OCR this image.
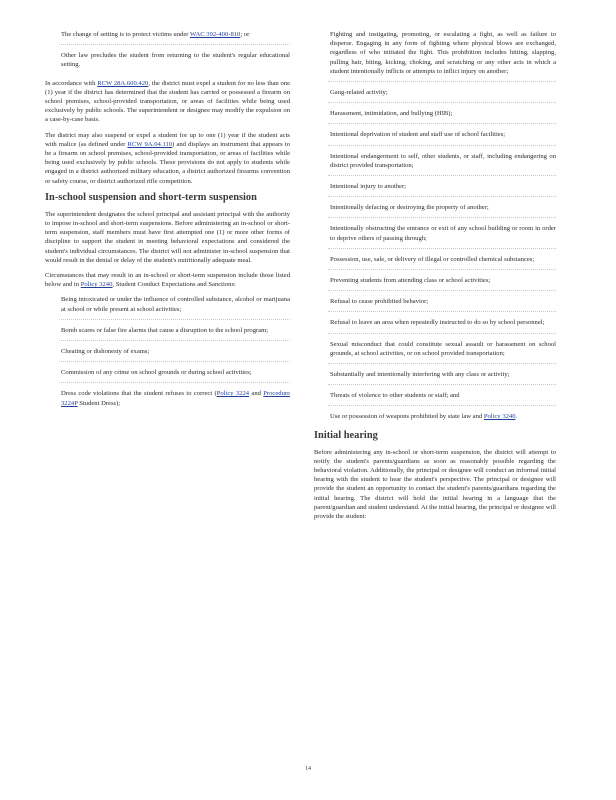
The change of setting is to protect victims under WAC 392-400-810; or
Other law precludes the student from returning to the student's regular educational setting.

In accordance with RCW 28A.600.420, the district must expel a student for no less than one (1) year if the district has determined that the student has carried or possessed a firearm on school premises, school-provided transportation, or areas of facilities while being used exclusively by public schools. The superintendent or designee may modify the expulsion on a case-by-case basis.

The district may also suspend or expel a student for up to one (1) year if the student acts with malice (as defined under RCW 9A.04.110) and displays an instrument that appears to be a firearm on school premises, school-provided transportation, or areas of facilities while being used exclusively by public schools. These provisions do not apply to students while engaged in a district authorized military education, a district authorized firearms convention or safety course, or district authorized rifle competition.

In-school suspension and short-term suspension

The superintendent designates the school principal and assistant principal with the authority to impose in-school and short-term suspensions. Before administering an in-school or short-term suspension, staff members must have first attempted one (1) or more other forms of discipline to support the student in meeting behavioral expectations and considered the student's individual circumstances. The district will not administer in-school suspension that would result in the denial or delay of the student's nutritionally adequate meal.

Circumstances that may result in an in-school or short-term suspension include those listed below and in Policy 3240, Student Conduct Expectations and Sanctions:

Being intoxicated or under the influence of controlled substance, alcohol or marijuana at school or while present at school activities;
Bomb scares or false fire alarms that cause a disruption to the school program;
Cheating or dishonesty of exams;
Commission of any crime on school grounds or during school activities;
Dress code violations that the student refuses to correct (Policy 3224 and Procedure 3224P Student Dress);
Fighting and instigating, promoting, or escalating a fight, as well as failure to disperse. Engaging in any form of fighting where physical blows are exchanged, regardless of who initiated the fight. This prohibition includes hitting, slapping, pulling hair, biting, kicking, choking, and scratching or any other acts in which a student intentionally inflicts or attempts to inflict injury on another;
Gang-related activity;
Harassment, intimidation, and bullying (HIB);
Intentional deprivation of student and staff use of school facilities;
Intentional endangerment to self, other students, or staff, including endangering on district provided transportation;
Intentional injury to another;
Intentionally defacing or destroying the property of another;
Intentionally obstructing the entrance or exit of any school building or room in order to deprive others of passing through;
Possession, use, sale, or delivery of illegal or controlled chemical substances;
Preventing students from attending class or school activities;
Refusal to cease prohibited behavior;
Refusal to leave an area when repeatedly instructed to do so by school personnel;
Sexual misconduct that could constitute sexual assault or harassment on school grounds, at school activities, or on school provided transportation;
Substantially and intentionally interfering with any class or activity;
Threats of violence to other students or staff; and
Use or possession of weapons prohibited by state law and Policy 3240.
Initial hearing

Before administering any in-school or short-term suspension, the district will attempt to notify the student's parents/guardians as soon as reasonably possible regarding the behavioral violation. Additionally, the principal or designee will conduct an informal initial hearing with the student to hear the student's perspective. The principal or designee will provide the student an opportunity to contact the student's parents/guardians regarding the initial hearing. The district will hold the initial hearing in a language that the parent/guardian and student understand. At the initial hearing, the principal or designee will provide the student:

14
